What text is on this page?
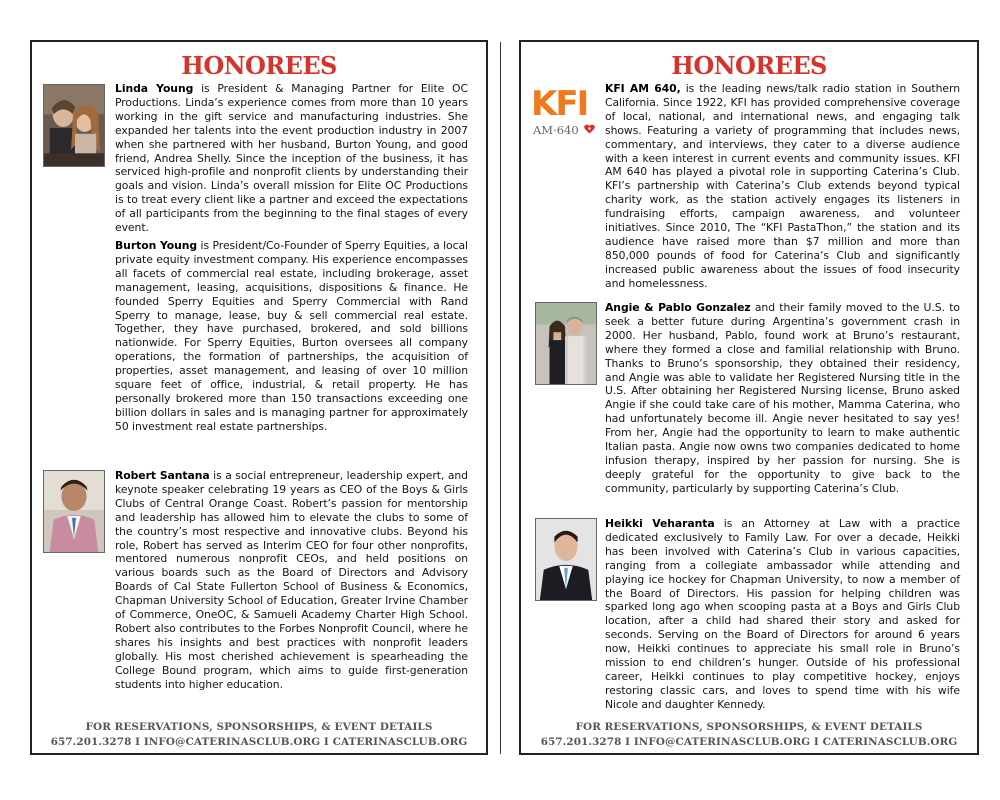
HONOREES

Linda Young is President & Managing Partner for Elite OC Productions. Linda’s experience comes from more than 10 years working in the gift service and manufacturing industries. She expanded her talents into the event production industry in 2007 when she partnered with her husband, Burton Young, and good friend, Andrea Shelly. Since the inception of the business, it has serviced high-profile and nonprofit clients by understanding their goals and vision. Linda’s overall mission for Elite OC Productions is to treat every client like a partner and exceed the expectations of all participants from the beginning to the final stages of every event.

Burton Young is President/Co-Founder of Sperry Equities, a local private equity investment company. His experience encompasses all facets of commercial real estate, including brokerage, asset management, leasing, acquisitions, dispositions & finance. He founded Sperry Equities and Sperry Commercial with Rand Sperry to manage, lease, buy & sell commercial real estate. Together, they have purchased, brokered, and sold billions nationwide. For Sperry Equities, Burton oversees all company operations, the formation of partnerships, the acquisition of properties, asset management, and leasing of over 10 million square feet of office, industrial, & retail property. He has personally brokered more than 150 transactions exceeding one billion dollars in sales and is managing partner for approximately 50 investment real estate partnerships.

Robert Santana is a social entrepreneur, leadership expert, and keynote speaker celebrating 19 years as CEO of the Boys & Girls Clubs of Central Orange Coast. Robert’s passion for mentorship and leadership has allowed him to elevate the clubs to some of the country’s most respective and innovative clubs. Beyond his role, Robert has served as Interim CEO for four other nonprofits, mentored numerous nonprofit CEOs, and held positions on various boards such as the Board of Directors and Advisory Boards of Cal State Fullerton School of Business & Economics, Chapman University School of Education, Greater Irvine Chamber of Commerce, OneOC, & Samueli Academy Charter High School. Robert also contributes to the Forbes Nonprofit Council, where he shares his insights and best practices with nonprofit leaders globally. His most cherished achievement is spearheading the College Bound program, which aims to guide first-generation students into higher education.

FOR RESERVATIONS, SPONSORSHIPS, & EVENT DETAILS
657.201.3278 I INFO@CATERINASCLUB.ORG I CATERINASCLUB.ORG
HONOREES
KFI
AM·640

KFI AM 640, is the leading news/talk radio station in Southern California. Since 1922, KFI has provided comprehensive coverage of local, national, and international news, and engaging talk shows. Featuring a variety of programming that includes news, commentary, and interviews, they cater to a diverse audience with a keen interest in current events and community issues. KFI AM 640 has played a pivotal role in supporting Caterina’s Club. KFI’s partnership with Caterina’s Club extends beyond typical charity work, as the station actively engages its listeners in fundraising efforts, campaign awareness, and volunteer initiatives. Since 2010, The “KFI PastaThon,” the station and its audience have raised more than $7 million and more than 850,000 pounds of food for Caterina’s Club and significantly increased public awareness about the issues of food insecurity and homelessness.

Angie & Pablo Gonzalez and their family moved to the U.S. to seek a better future during Argentina’s government crash in 2000. Her husband, Pablo, found work at Bruno’s restaurant, where they formed a close and familial relationship with Bruno. Thanks to Bruno’s sponsorship, they obtained their residency, and Angie was able to validate her Registered Nursing title in the U.S. After obtaining her Registered Nursing license, Bruno asked Angie if she could take care of his mother, Mamma Caterina, who had unfortunately become ill. Angie never hesitated to say yes! From her, Angie had the opportunity to learn to make authentic Italian pasta. Angie now owns two companies dedicated to home infusion therapy, inspired by her passion for nursing. She is deeply grateful for the opportunity to give back to the community, particularly by supporting Caterina’s Club.

Heikki Veharanta is an Attorney at Law with a practice dedicated exclusively to Family Law. For over a decade, Heikki has been involved with Caterina’s Club in various capacities, ranging from a collegiate ambassador while attending and playing ice hockey for Chapman University, to now a member of the Board of Directors. His passion for helping children was sparked long ago when scooping pasta at a Boys and Girls Club location, after a child had shared their story and asked for seconds. Serving on the Board of Directors for around 6 years now, Heikki continues to appreciate his small role in Bruno’s mission to end children’s hunger. Outside of his professional career, Heikki continues to play competitive hockey, enjoys restoring classic cars, and loves to spend time with his wife Nicole and daughter Kennedy.

FOR RESERVATIONS, SPONSORSHIPS, & EVENT DETAILS
657.201.3278 I INFO@CATERINASCLUB.ORG I CATERINASCLUB.ORG
